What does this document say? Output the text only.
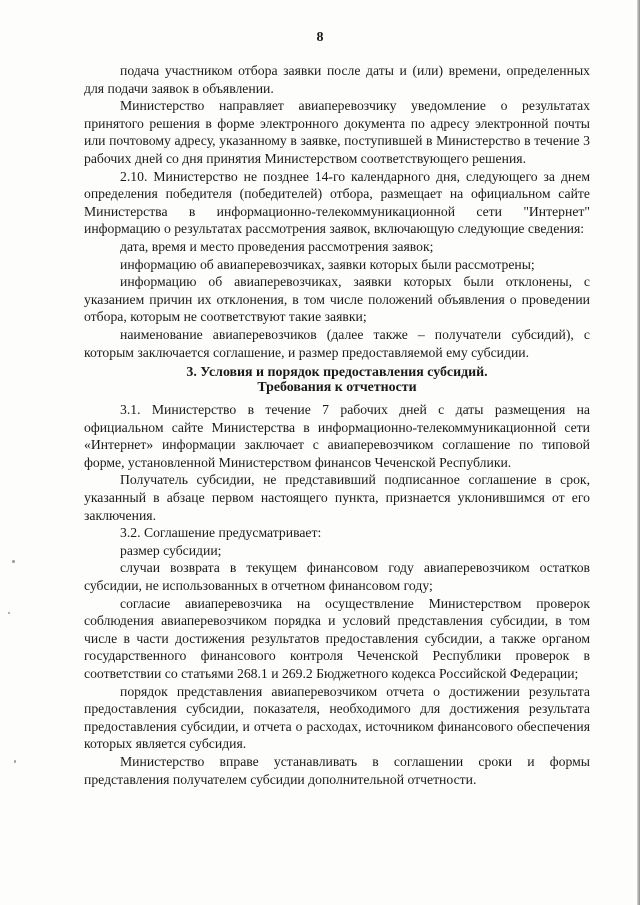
8

подача участником отбора заявки после даты и (или) времени, определенных для подачи заявок в объявлении.

Министерство направляет авиаперевозчику уведомление о результатах принятого решения в форме электронного документа по адресу электронной почты или почтовому адресу, указанному в заявке, поступившей в Министерство в течение 3 рабочих дней со дня принятия Министерством соответствующего решения.

2.10. Министерство не позднее 14-го календарного дня, следующего за днем определения победителя (победителей) отбора, размещает на официальном сайте Министерства в информационно-телекоммуникационной сети "Интернет" информацию о результатах рассмотрения заявок, включающую следующие сведения:

дата, время и место проведения рассмотрения заявок;

информацию об авиаперевозчиках, заявки которых были рассмотрены;

информацию об авиаперевозчиках, заявки которых были отклонены, с указанием причин их отклонения, в том числе положений объявления о проведении отбора, которым не соответствуют такие заявки;

наименование авиаперевозчиков (далее также – получатели субсидий), с которым заключается соглашение, и размер предоставляемой ему субсидии.

3. Условия и порядок предоставления субсидий.
Требования к отчетности

3.1. Министерство в течение 7 рабочих дней с даты размещения на официальном сайте Министерства в информационно-телекоммуникационной сети «Интернет» информации заключает с авиаперевозчиком соглашение по типовой форме, установленной Министерством финансов Чеченской Республики.

Получатель субсидии, не представивший подписанное соглашение в срок, указанный в абзаце первом настоящего пункта, признается уклонившимся от его заключения.

3.2. Соглашение предусматривает:

размер субсидии;

случаи возврата в текущем финансовом году авиаперевозчиком остатков субсидии, не использованных в отчетном финансовом году;

согласие авиаперевозчика на осуществление Министерством проверок соблюдения авиаперевозчиком порядка и условий представления субсидии, в том числе в части достижения результатов предоставления субсидии, а также органом государственного финансового контроля Чеченской Республики проверок в соответствии со статьями 268.1 и 269.2 Бюджетного кодекса Российской Федерации;

порядок представления авиаперевозчиком отчета о достижении результата предоставления субсидии, показателя, необходимого для достижения результата предоставления субсидии, и отчета о расходах, источником финансового обеспечения которых является субсидия.

Министерство вправе устанавливать в соглашении сроки и формы представления получателем субсидии дополнительной отчетности.
